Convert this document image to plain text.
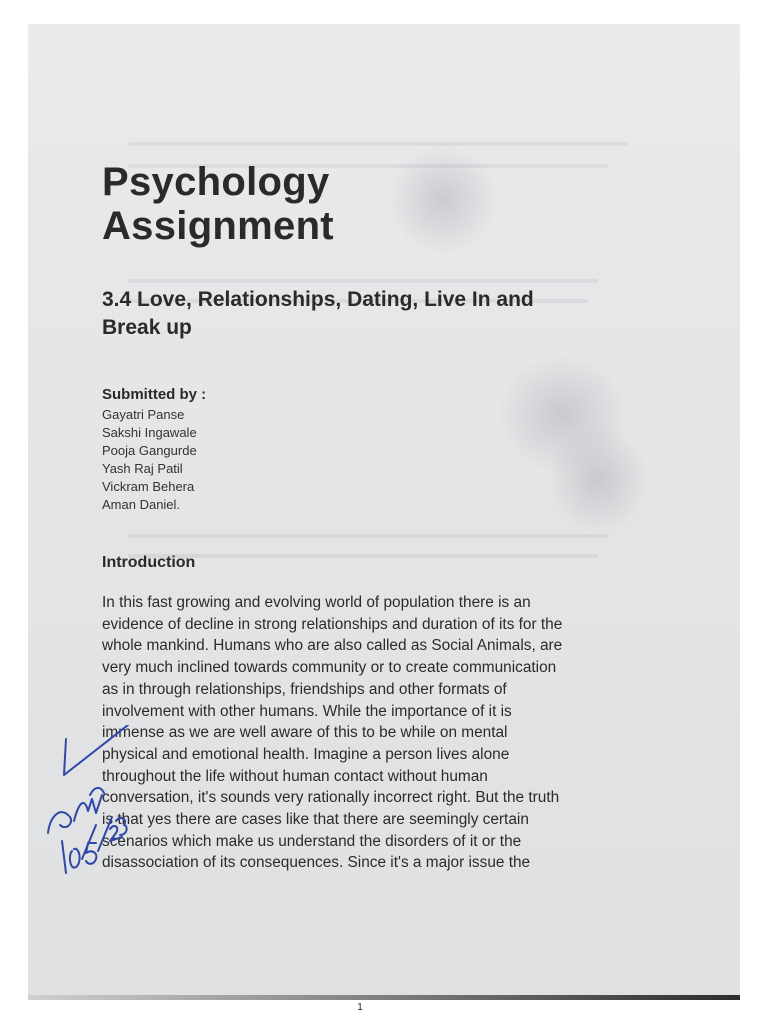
Psychology
Assignment
3.4 Love, Relationships, Dating, Live In and
Break up
Submitted by :
Gayatri Panse
Sakshi Ingawale
Pooja Gangurde
Yash Raj Patil
Vickram Behera
Aman Daniel.
Introduction
In this fast growing and evolving world of population there is an
evidence of decline in strong relationships and duration of its for the
whole mankind. Humans who are also called as Social Animals, are
very much inclined towards community or to create communication
as in through relationships, friendships and other formats of
involvement with other humans. While the importance of it is
immense as we are well aware of this to be while on mental
physical and emotional health. Imagine a person lives alone
throughout the life without human contact without human
conversation, it's sounds very rationally incorrect right. But the truth
is that yes there are cases like that there are seemingly certain
scenarios which make us understand the disorders of it or the
disassociation of its consequences. Since it's a major issue the
1
